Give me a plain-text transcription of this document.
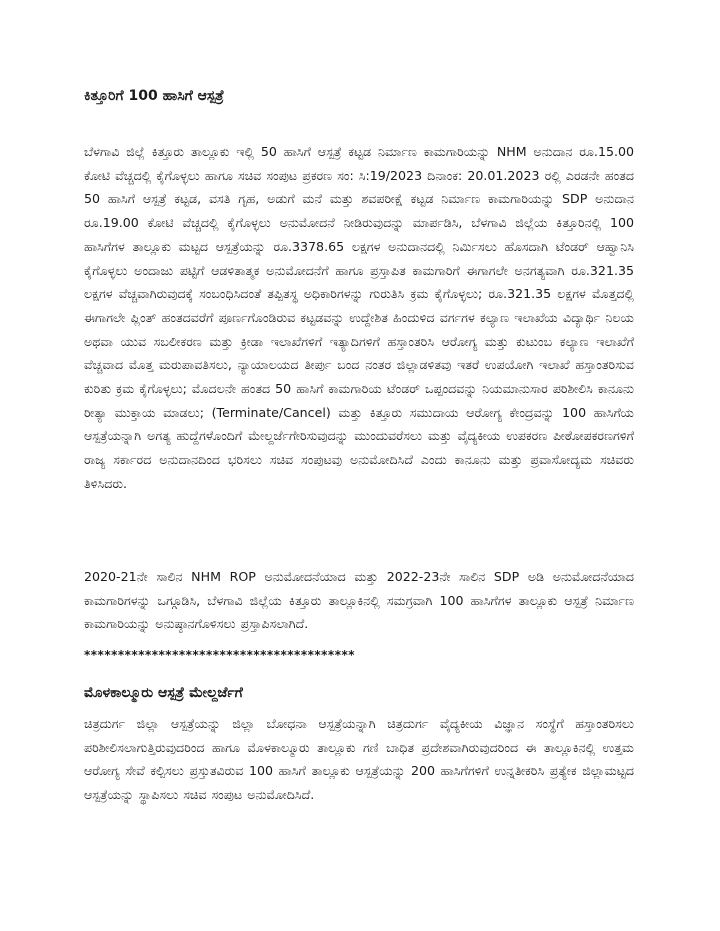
ಕಿತ್ತೂರಿಗೆ 100 ಹಾಸಿಗೆ ಆಸ್ಪತ್ರೆ

ಬೆಳಗಾವಿ ಜಿಲ್ಲೆ ಕಿತ್ತೂರು ತಾಲ್ಲೂಕು ಇಲ್ಲಿ 50 ಹಾಸಿಗೆ ಆಸ್ಪತ್ರೆ ಕಟ್ಟಡ ನಿರ್ಮಾಣ ಕಾಮಗಾರಿಯನ್ನು NHM ಅನುದಾನ ರೂ.15.00 ಕೋಟಿ ವೆಚ್ಚದಲ್ಲಿ ಕೈಗೊಳ್ಳಲು ಹಾಗೂ ಸಚಿವ ಸಂಪುಟ ಪ್ರಕರಣ ಸಂ: ಸಿ:19/2023 ದಿನಾಂಕ: 20.01.2023 ರಲ್ಲಿ ಎರಡನೇ ಹಂತದ 50 ಹಾಸಿಗೆ ಆಸ್ಪತ್ರೆ ಕಟ್ಟಡ, ವಸತಿ ಗೃಹ, ಅಡುಗೆ ಮನೆ ಮತ್ತು ಶವಪರೀಕ್ಷೆ ಕಟ್ಟಡ ನಿರ್ಮಾಣ ಕಾಮಗಾರಿಯನ್ನು SDP ಅನುದಾನ ರೂ.19.00 ಕೋಟಿ ವೆಚ್ಚದಲ್ಲಿ ಕೈಗೊಳ್ಳಲು ಅನುಮೋದನೆ ನೀಡಿರುವುದನ್ನು ಮಾರ್ಪಡಿಸಿ, ಬೆಳಗಾವಿ ಜಿಲ್ಲೆಯ ಕಿತ್ತೂರಿನಲ್ಲಿ 100 ಹಾಸಿಗೆಗಳ ತಾಲ್ಲೂಕು ಮಟ್ಟದ ಆಸ್ಪತ್ರೆಯನ್ನು ರೂ.3378.65 ಲಕ್ಷಗಳ ಅನುದಾನದಲ್ಲಿ ನಿರ್ಮಿಸಲು ಹೊಸದಾಗಿ ಟೆಂಡರ್ ಆಹ್ವಾನಿಸಿ ಕೈಗೊಳ್ಳಲು ಅಂದಾಜು ಪಟ್ಟಿಗೆ ಆಡಳಿತಾತ್ಮಕ ಅನುಮೋದನೆಗೆ ಹಾಗೂ ಪ್ರಸ್ತಾಪಿತ ಕಾಮಗಾರಿಗೆ ಈಗಾಗಲೇ ಅನಗತ್ಯವಾಗಿ ರೂ.321.35 ಲಕ್ಷಗಳ ವೆಚ್ಚವಾಗಿರುವುದಕ್ಕೆ ಸಂಬಂಧಿಸಿದಂತೆ ತಪ್ಪಿತಸ್ಥ ಅಧಿಕಾರಿಗಳನ್ನು ಗುರುತಿಸಿ ಕ್ರಮ ಕೈಗೊಳ್ಳಲು; ರೂ.321.35 ಲಕ್ಷಗಳ ಮೊತ್ತದಲ್ಲಿ ಈಗಾಗಲೇ ಪ್ಲಿಂತ್ ಹಂತದವರೆಗೆ ಪೂರ್ಣಗೊಂಡಿರುವ ಕಟ್ಟಡವನ್ನು ಉದ್ದೇಶಿತ ಹಿಂದುಳಿದ ವರ್ಗಗಳ ಕಲ್ಯಾಣ ಇಲಾಖೆಯ ವಿದ್ಯಾರ್ಥಿ ನಿಲಯ ಅಥವಾ ಯುವ ಸಬಲೀಕರಣ ಮತ್ತು ಕ್ರೀಡಾ ಇಲಾಖೆಗಳಿಗೆ ಇತ್ಯಾದಿಗಳಿಗೆ ಹಸ್ತಾಂತರಿಸಿ ಆರೋಗ್ಯ ಮತ್ತು ಕುಟುಂಬ ಕಲ್ಯಾಣ ಇಲಾಖೆಗೆ ವೆಚ್ಚವಾದ ಮೊತ್ತ ಮರುಪಾವತಿಸಲು, ನ್ಯಾಯಾಲಯದ ತೀರ್ಪು ಬಂದ ನಂತರ ಜಿಲ್ಲಾಡಳಿತವು ಇತರೆ ಉಪಯೋಗಿ ಇಲಾಖೆ ಹಸ್ತಾಂತರಿಸುವ ಕುರಿತು ಕ್ರಮ ಕೈಗೊಳ್ಳಲು; ಮೊದಲನೇ ಹಂತದ 50 ಹಾಸಿಗೆ ಕಾಮಗಾರಿಯ ಟೆಂಡರ್ ಒಪ್ಪಂದವನ್ನು ನಿಯಮಾನುಸಾರ ಪರಿಶೀಲಿಸಿ ಕಾನೂನು ರೀತ್ಯಾ ಮುಕ್ತಾಯ ಮಾಡಲು; (Terminate/Cancel) ಮತ್ತು ಕಿತ್ತೂರು ಸಮುದಾಯ ಆರೋಗ್ಯ ಕೇಂದ್ರವನ್ನು 100 ಹಾಸಿಗೆಯ ಆಸ್ಪತ್ರೆಯನ್ನಾಗಿ ಅಗತ್ಯ ಹುದ್ದೆಗಳೊಂದಿಗೆ ಮೇಲ್ದರ್ಜೆಗೇರಿಸುವುದನ್ನು ಮುಂದುವರೆಸಲು ಮತ್ತು ವೈದ್ಯಕೀಯ ಉಪಕರಣ ಪೀಠೋಪಕರಣಗಳಿಗೆ ರಾಜ್ಯ ಸರ್ಕಾರದ ಅನುದಾನದಿಂದ ಭರಿಸಲು ಸಚಿವ ಸಂಪುಟವು ಅನುಮೋದಿಸಿದೆ ಎಂದು ಕಾನೂನು ಮತ್ತು ಪ್ರವಾಸೋದ್ಯಮ ಸಚಿವರು ತಿಳಿಸಿದರು.

2020-21ನೇ ಸಾಲಿನ NHM ROP ಅನುಮೋದನೆಯಾದ ಮತ್ತು 2022-23ನೇ ಸಾಲಿನ SDP ಅಡಿ ಅನುಮೋದನೆಯಾದ ಕಾಮಗಾರಿಗಳನ್ನು ಒಗ್ಗೂಡಿಸಿ, ಬೆಳಗಾವಿ ಜಿಲ್ಲೆಯ ಕಿತ್ತೂರು ತಾಲ್ಲೂಕಿನಲ್ಲಿ ಸಮಗ್ರವಾಗಿ 100 ಹಾಸಿಗೆಗಳ ತಾಲ್ಲೂಕು ಆಸ್ಪತ್ರೆ ನಿರ್ಮಾಣ ಕಾಮಗಾರಿಯನ್ನು ಅನುಷ್ಠಾನಗೊಳಿಸಲು ಪ್ರಸ್ತಾಪಿಸಲಾಗಿದೆ.

****************************************
ಮೊಳಕಾಲ್ಮೂರು ಆಸ್ಪತ್ರೆ ಮೇಲ್ದರ್ಜೆಗೆ

ಚಿತ್ರದುರ್ಗ ಜಿಲ್ಲಾ ಆಸ್ಪತ್ರೆಯನ್ನು ಜಿಲ್ಲಾ ಬೋಧನಾ ಆಸ್ಪತ್ರೆಯನ್ನಾಗಿ ಚಿತ್ರದುರ್ಗ ವೈದ್ಯಕೀಯ ವಿಜ್ಞಾನ ಸಂಸ್ಥೆಗೆ ಹಸ್ತಾಂತರಿಸಲು ಪರಿಶೀಲಿಸಲಾಗುತ್ತಿರುವುದರಿಂದ ಹಾಗೂ ಮೊಳಕಾಲ್ಮೂರು ತಾಲ್ಲೂಕು ಗಣಿ ಬಾಧಿತ ಪ್ರದೇಶವಾಗಿರುವುದರಿಂದ ಈ ತಾಲ್ಲೂಕಿನಲ್ಲಿ ಉತ್ತಮ ಆರೋಗ್ಯ ಸೇವೆ ಕಲ್ಪಿಸಲು ಪ್ರಸ್ತುತವಿರುವ 100 ಹಾಸಿಗೆ ತಾಲ್ಲೂಕು ಆಸ್ಪತ್ರೆಯನ್ನು 200 ಹಾಸಿಗೆಗಳಿಗೆ ಉನ್ನತೀಕರಿಸಿ ಪ್ರತ್ಯೇಕ ಜಿಲ್ಲಾಮಟ್ಟದ ಆಸ್ಪತ್ರೆಯನ್ನು ಸ್ಥಾಪಿಸಲು ಸಚಿವ ಸಂಪುಟ ಅನುಮೋದಿಸಿದೆ.
